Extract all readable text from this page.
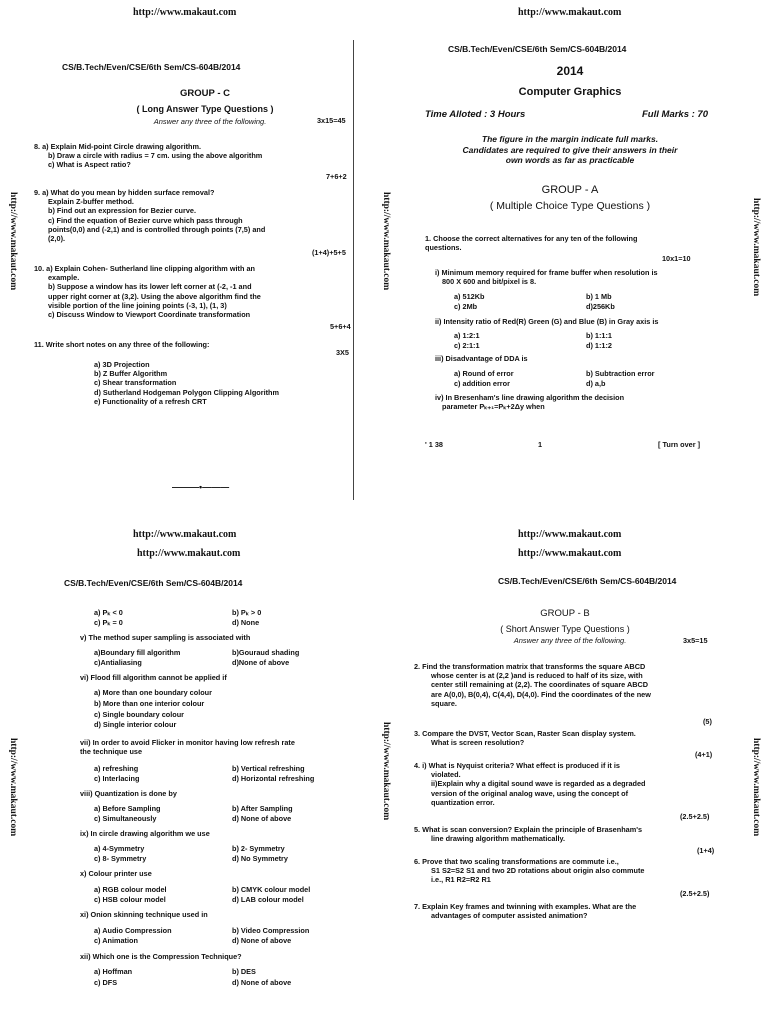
http://www.makaut.com
CS/B.Tech/Even/CSE/6th Sem/CS-604B/2014
GROUP - C
( Long Answer Type Questions )
Answer any three of the following.	3x15=45
8. a) Explain Mid-point Circle drawing algorithm.
b) Draw a circle with radius = 7 cm. using the above algorithm
c) What is Aspect ratio?
7+6+2
9. a) What do you mean by hidden surface removal?
Explain Z-buffer method.
b) Find out an expression for Bezier curve.
c) Find the equation of Bezier curve which pass through
points(0,0) and (-2,1) and is controlled through points (7,5) and
(2,0).
(1+4)+5+5
10. a) Explain Cohen- Sutherland line clipping algorithm with an
example.
b) Suppose a window has its lower left corner at (-2, -1 and
upper right corner at (3,2). Using the above algorithm find the
visible portion of the line joining points (-3, 1), (1, 3)
c) Discuss Window to Viewport Coordinate transformation
5+6+4
11. Write short notes on any three of the following:
3X5
a) 3D Projection
b) Z Buffer Algorithm
c) Shear transformation
d) Sutherland Hodgeman Polygon Clipping Algorithm
e) Functionality of a refresh CRT
———•———
http://www.makaut.com	http://www.makaut.com	http://www.makaut.com
http://www.makaut.com
CS/B.Tech/Even/CSE/6th Sem/CS-604B/2014
2014
Computer Graphics
Time Alloted : 3 Hours	Full Marks : 70
The figure in the margin indicate full marks.
Candidates are required to give their answers in their
own words as far as practicable
GROUP - A
( Multiple Choice Type Questions )
1. Choose the correct alternatives for any ten of the following
questions.
10x1=10
i) Minimum memory required for frame buffer when resolution is
800 X 600 and bit/pixel is 8.
a) 512Kb	b) 1 Mb
c) 2Mb	d)256Kb
ii) Intensity ratio of Red(R) Green (G) and Blue (B) in Gray axis is
a) 1:2:1	b) 1:1:1
c) 2:1:1	d) 1:1:2
iii) Disadvantage of DDA is
a) Round of error	b) Subtraction error
c) addition error	d) a,b
iv) In Bresenham's line drawing algorithm the decision
parameter Pₖ₊₁=Pₖ+2Δy when
' 1 38	1	[ Turn over ]
http://www.makaut.com
http://www.makaut.com
CS/B.Tech/Even/CSE/6th Sem/CS-604B/2014
a) Pₖ < 0	b) Pₖ > 0
c) Pₖ = 0	d) None
v) The method super sampling is associated with
a)Boundary fill algorithm	b)Gouraud shading
c)Antialiasing	d)None of above
vi) Flood fill algorithm cannot be applied if
a) More than one boundary colour
b) More than one interior colour
c) Single boundary colour
d) Single interior colour
vii) In order to avoid Flicker in monitor having low refresh rate
the technique use
a) refreshing	b) Vertical refreshing
c) Interlacing	d) Horizontal refreshing
viii) Quantization is done by
a) Before Sampling	b) After Sampling
c) Simultaneously	d) None of above
ix) In circle drawing algorithm we use
a) 4-Symmetry	b) 2- Symmetry
c) 8- Symmetry	d) No Symmetry
x) Colour printer use
a) RGB colour model	b) CMYK colour model
c) HSB colour model	d) LAB colour model
xi) Onion skinning technique used in
a) Audio Compression	b) Video Compression
c) Animation	d) None of above
xii) Which one is the Compression Technique?
a) Hoffman	b) DES
c) DFS	d) None of above
http://www.makaut.com	http://www.makaut.com	http://www.makaut.com
http://www.makaut.com
http://www.makaut.com
CS/B.Tech/Even/CSE/6th Sem/CS-604B/2014
GROUP - B
( Short Answer Type Questions )
Answer any three of the following.	3x5=15
2. Find the transformation matrix that transforms the square ABCD
whose center is at (2,2 )and is reduced to half of its size, with
center still remaining at (2,2). The coordinates of square ABCD
are A(0,0), B(0,4), C(4,4), D(4,0). Find the coordinates of the new
square.
(5)
3. Compare the DVST, Vector Scan, Raster Scan display system.
What is screen resolution?
(4+1)
4. i) What is Nyquist criteria? What effect is produced if it is
violated.
ii)Explain why a digital sound wave is regarded as a degraded
version of the original analog wave, using the concept of
quantization error.
(2.5+2.5)
5. What is scan conversion? Explain the principle of Brasenham's
line drawing algorithm mathematically.
(1+4)
6. Prove that two scaling transformations are commute i.e.,
S1 S2=S2 S1 and two 2D rotations about origin also commute
i.e., R1 R2=R2 R1
(2.5+2.5)
7. Explain Key frames and twinning with examples. What are the
advantages of computer assisted animation?
